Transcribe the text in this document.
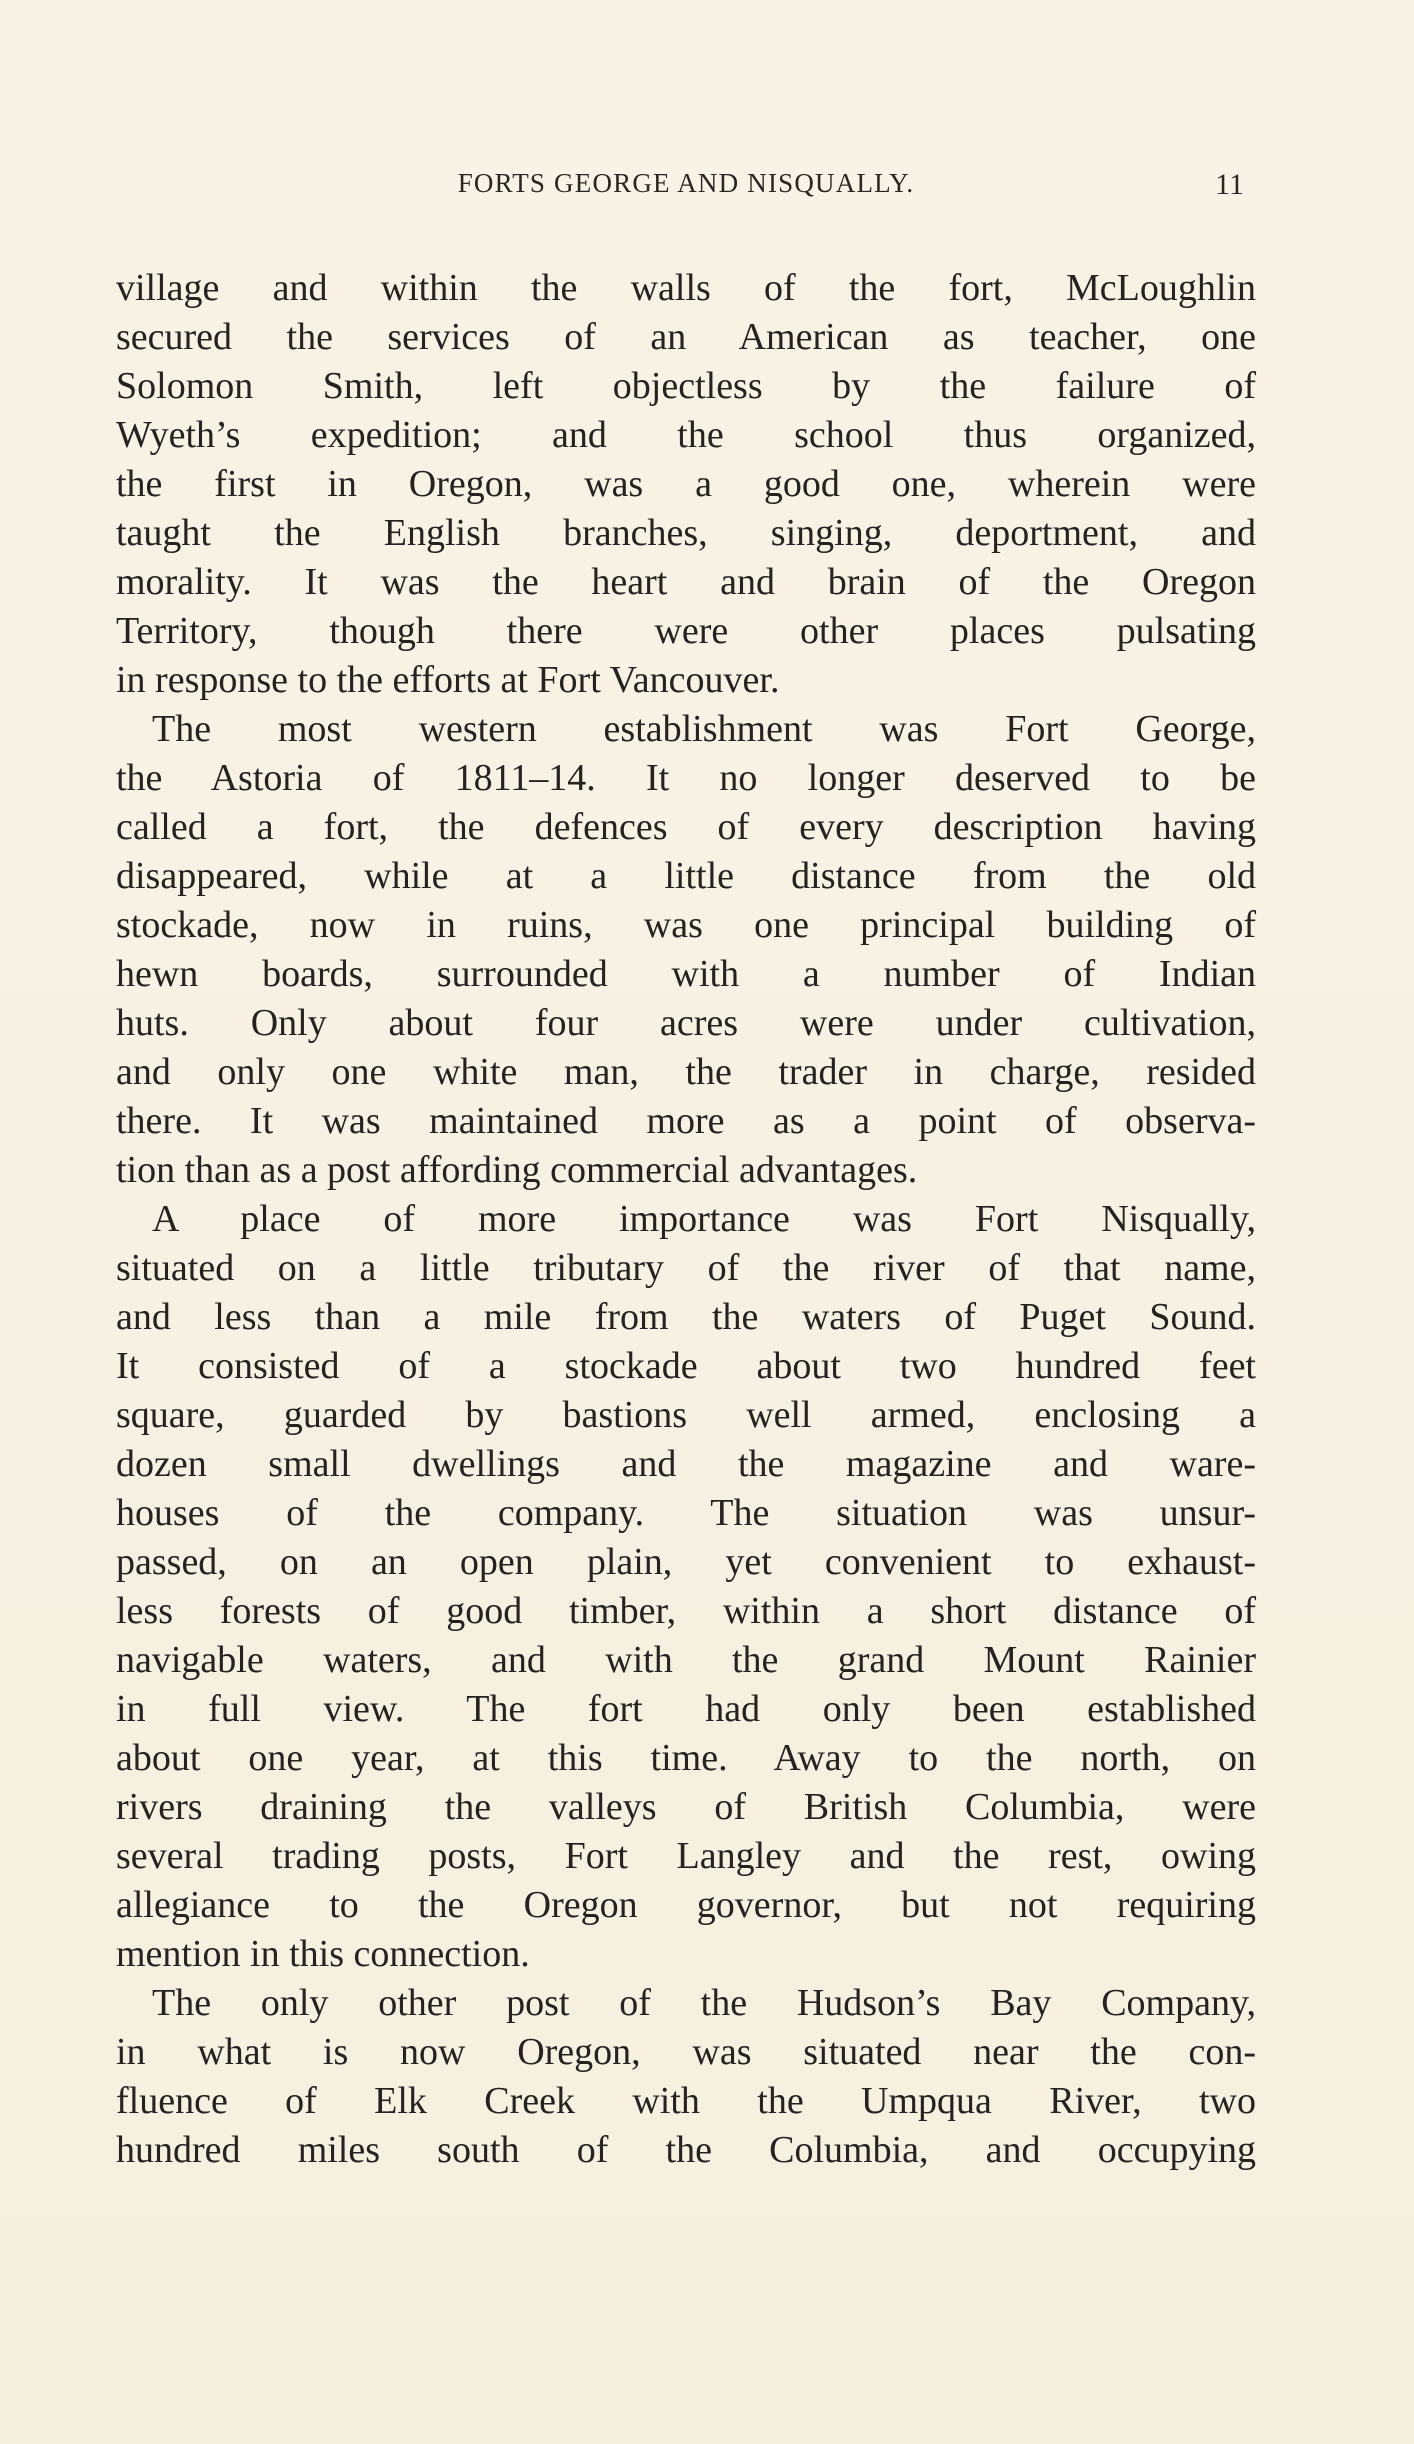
FORTS GEORGE AND NISQUALLY.	11
village and within the walls of the fort, McLoughlin
secured the services of an American as teacher, one
Solomon Smith, left objectless by the failure of
Wyeth’s expedition; and the school thus organized,
the first in Oregon, was a good one, wherein were
taught the English branches, singing, deportment, and
morality. It was the heart and brain of the Oregon
Territory, though there were other places pulsating
in response to the efforts at Fort Vancouver.
The most western establishment was Fort George,
the Astoria of 1811–14. It no longer deserved to be
called a fort, the defences of every description having
disappeared, while at a little distance from the old
stockade, now in ruins, was one principal building of
hewn boards, surrounded with a number of Indian
huts. Only about four acres were under cultivation,
and only one white man, the trader in charge, resided
there. It was maintained more as a point of observa-
tion than as a post affording commercial advantages.
A place of more importance was Fort Nisqually,
situated on a little tributary of the river of that name,
and less than a mile from the waters of Puget Sound.
It consisted of a stockade about two hundred feet
square, guarded by bastions well armed, enclosing a
dozen small dwellings and the magazine and ware-
houses of the company. The situation was unsur-
passed, on an open plain, yet convenient to exhaust-
less forests of good timber, within a short distance of
navigable waters, and with the grand Mount Rainier
in full view. The fort had only been established
about one year, at this time. Away to the north, on
rivers draining the valleys of British Columbia, were
several trading posts, Fort Langley and the rest, owing
allegiance to the Oregon governor, but not requiring
mention in this connection.
The only other post of the Hudson’s Bay Company,
in what is now Oregon, was situated near the con-
fluence of Elk Creek with the Umpqua River, two
hundred miles south of the Columbia, and occupying
